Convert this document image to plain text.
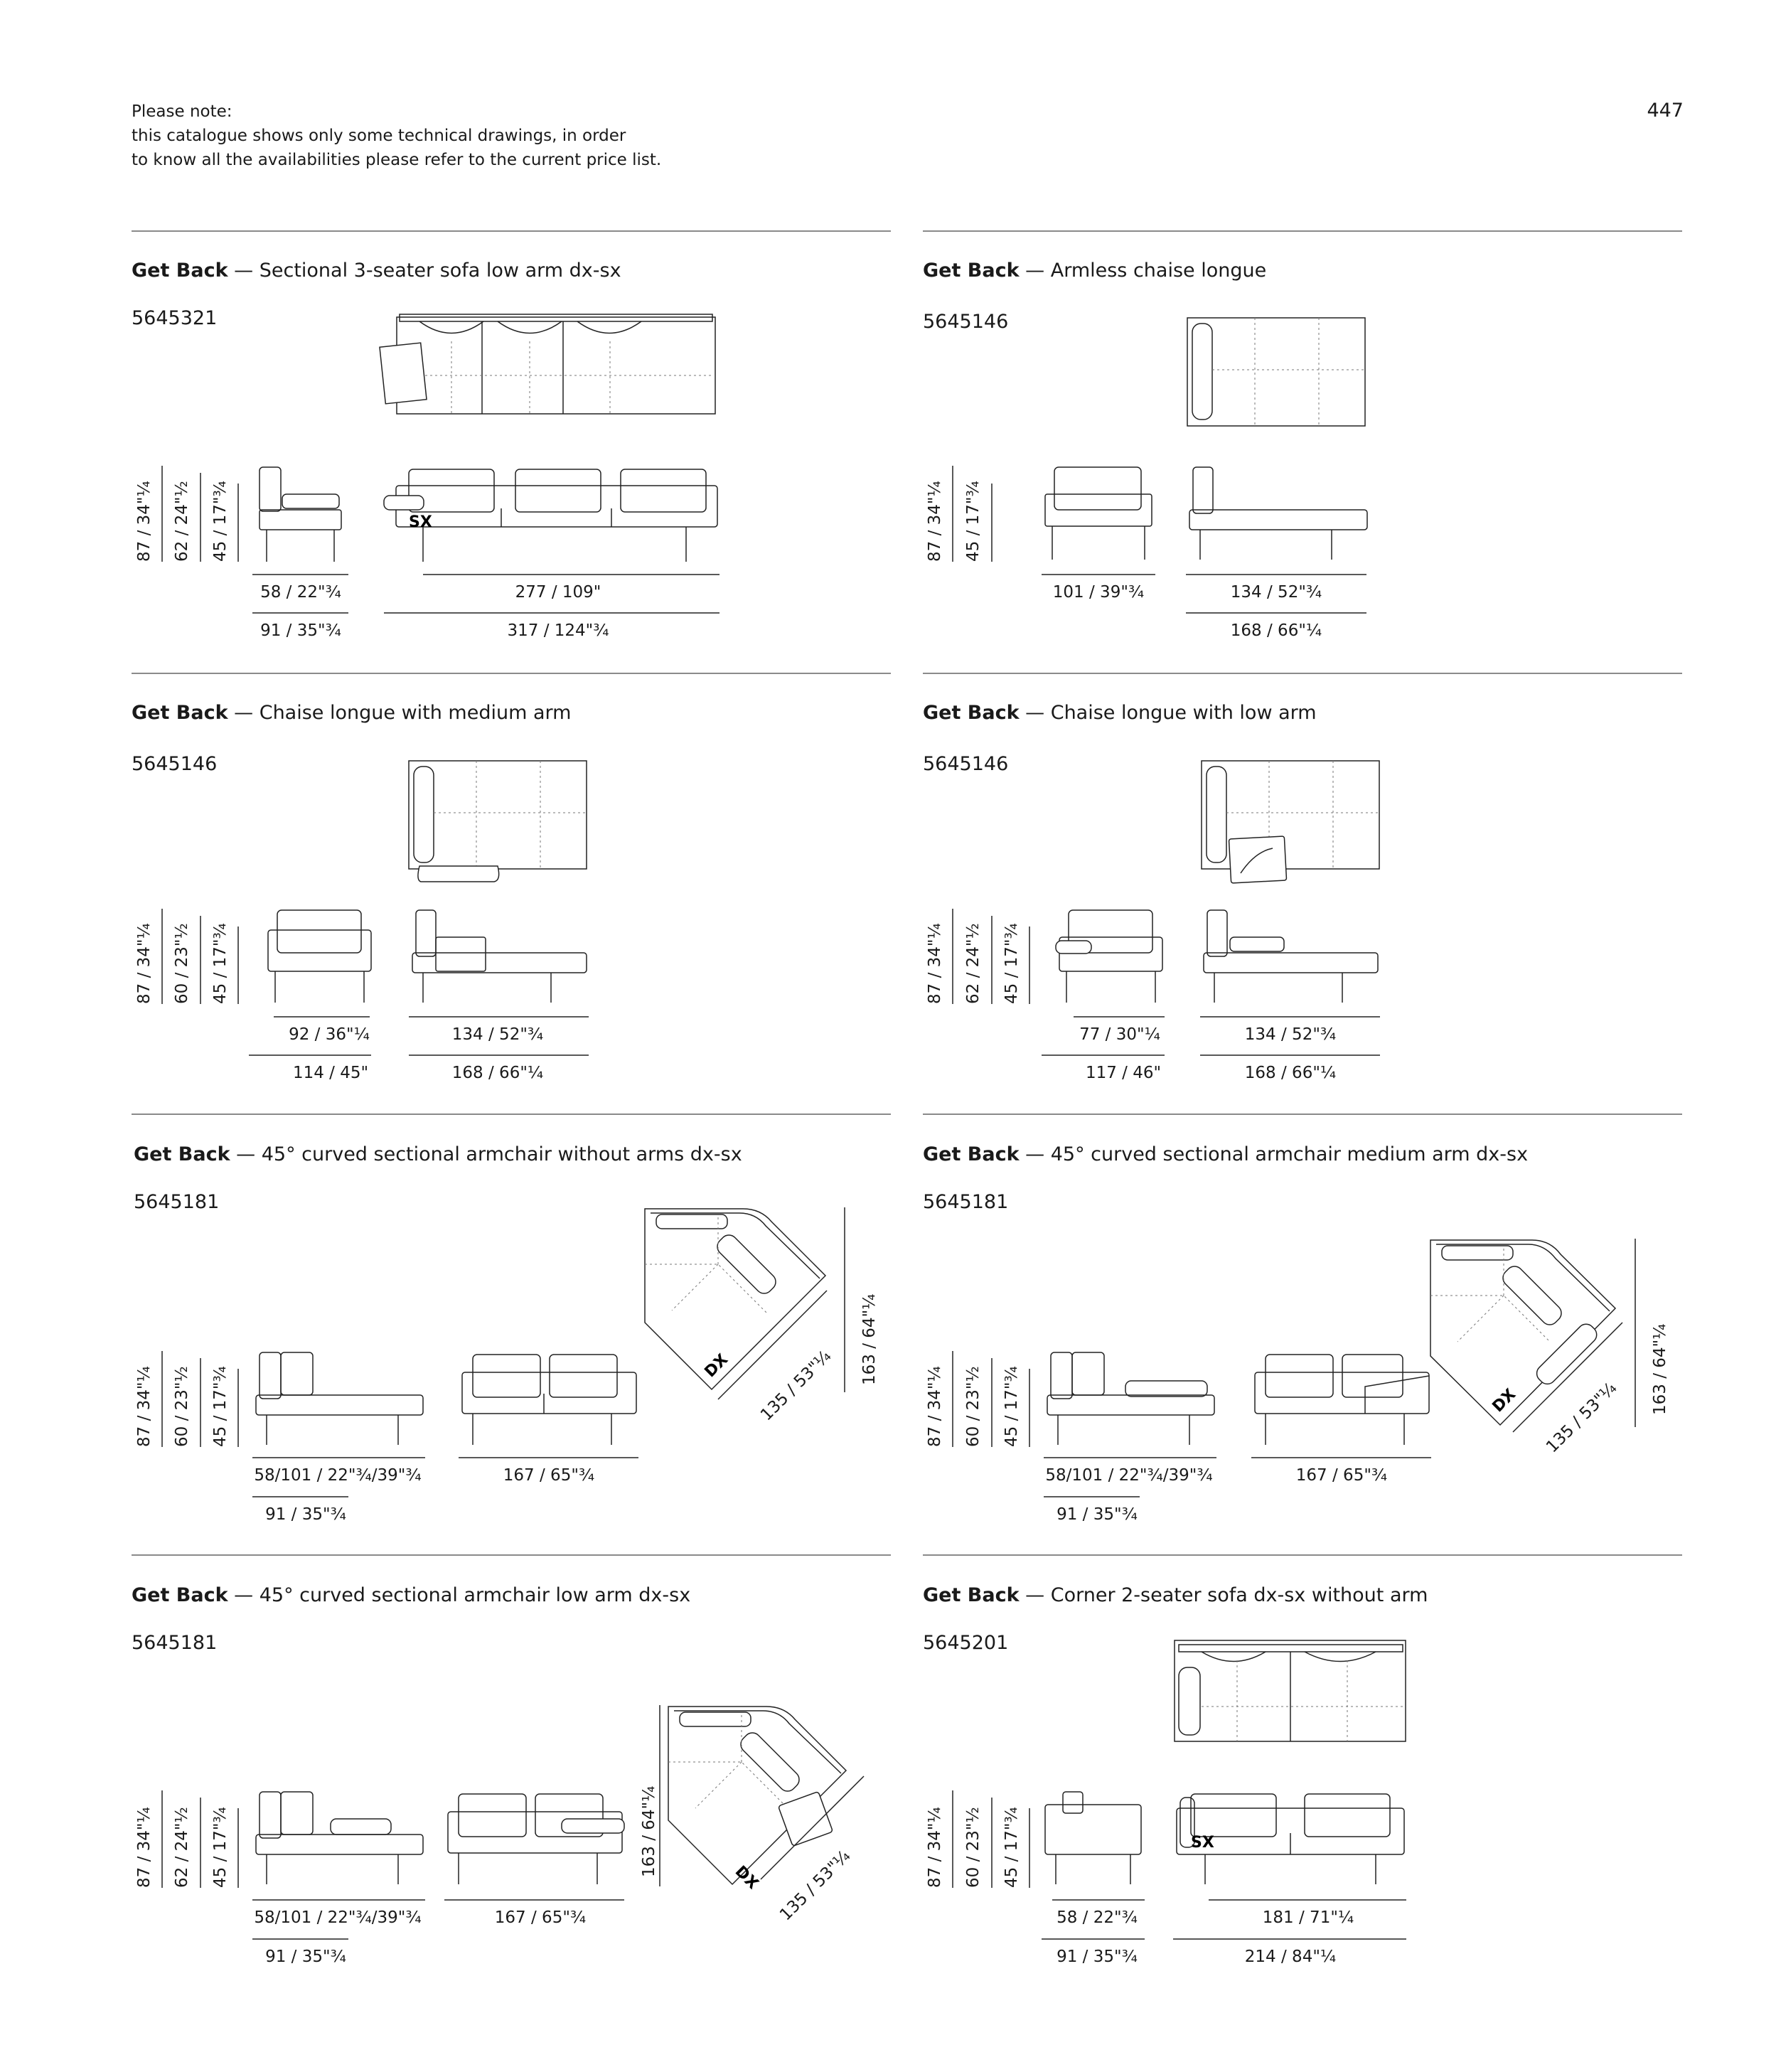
Please note:
this catalogue shows only some technical drawings, in order
to know all the availabilities please refer to the current price list.
447
Get Back — Sectional 3-seater sofa low arm dx-sx
5645321
SX
87 / 34"¼ 62 / 24"½ 45 / 17"¾
58 / 22"¾
91 / 35"¾
277 / 109"
317 / 124"¾
Get Back — Armless chaise longue
5645146
87 / 34"¼ 45 / 17"¾
101 / 39"¾	134 / 52"¾
168 / 66"¼
Get Back — Chaise longue with medium arm
5645146
87 / 34"¼ 60 / 23"½ 45 / 17"¾
92 / 36"¼
114 / 45"
134 / 52"¾
168 / 66"¼
Get Back — Chaise longue with low arm
5645146
87 / 34"¼ 62 / 24"½ 45 / 17"¾
77 / 30"¼
117 / 46"
134 / 52"¾
168 / 66"¼
Get Back — 45° curved sectional armchair without arms dx-sx
5645181
DX
87 / 34"¼ 60 / 23"½ 45 / 17"¾
58/101 / 22"¾/39"¾
91 / 35"¾
167 / 65"¾
135 / 53"¼
163 / 64"¼
Get Back — 45° curved sectional armchair medium arm dx-sx
5645181
DX
87 / 34"¼ 60 / 23"½ 45 / 17"¾
58/101 / 22"¾/39"¾
91 / 35"¾
167 / 65"¾
135 / 53"¼
163 / 64"¼
Get Back — 45° curved sectional armchair low arm dx-sx
5645181
DX
87 / 34"¼ 62 / 24"½ 45 / 17"¾
58/101 / 22"¾/39"¾
91 / 35"¾
167 / 65"¾	135 / 53"¼
163 / 64"¼
Get Back — Corner 2-seater sofa dx-sx without arm
5645201
SX
87 / 34"¼ 60 / 23"½ 45 / 17"¾
58 / 22"¾
91 / 35"¾
181 / 71"¼
214 / 84"¼
